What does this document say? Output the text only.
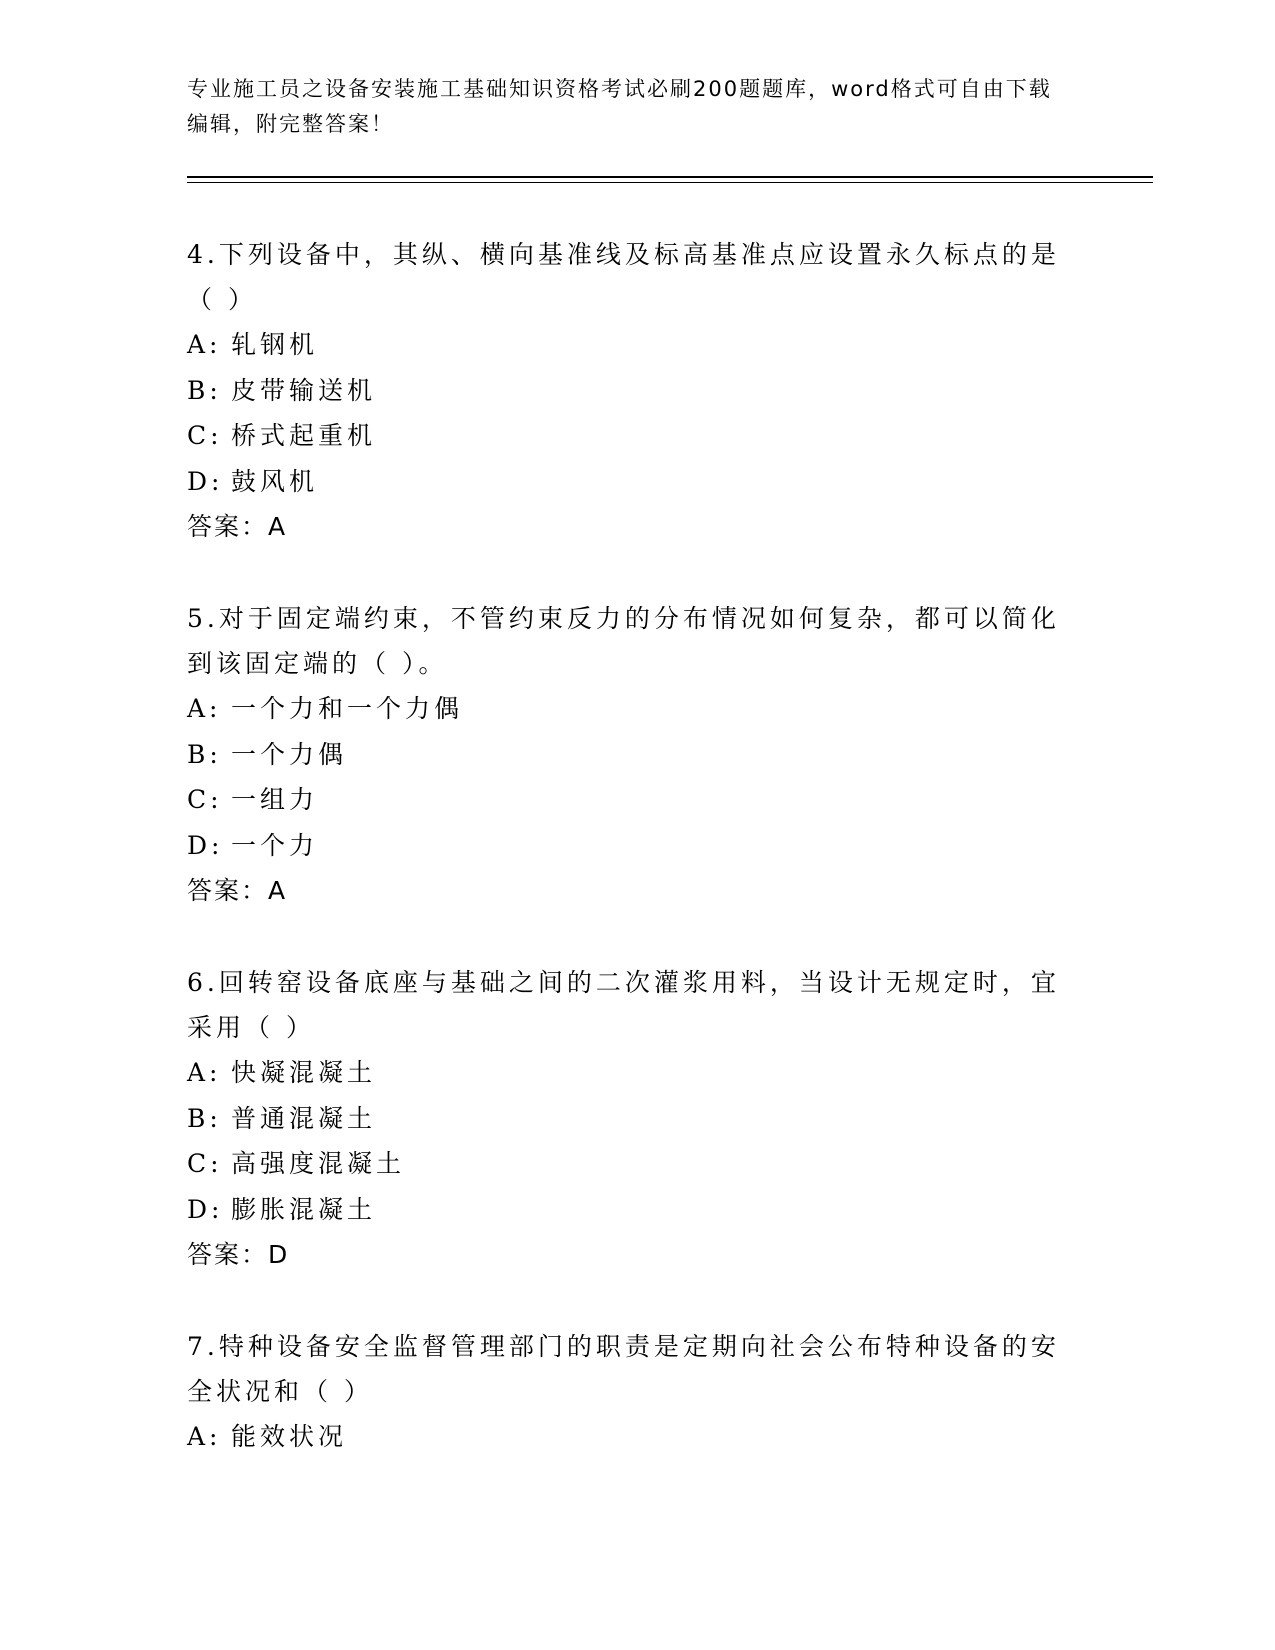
专业施工员之设备安装施工基础知识资格考试必刷200题题库，word格式可自由下载编辑，附完整答案！

4.下列设备中，其纵、横向基准线及标高基准点应设置永久标点的是（ ）

A: 轧钢机

B: 皮带输送机

C: 桥式起重机

D: 鼓风机

答案：A

5.对于固定端约束，不管约束反力的分布情况如何复杂，都可以简化到该固定端的（ ）。

A: 一个力和一个力偶

B: 一个力偶

C: 一组力

D: 一个力

答案：A

6.回转窑设备底座与基础之间的二次灌浆用料，当设计无规定时，宜采用（ ）

A: 快凝混凝土

B: 普通混凝土

C: 高强度混凝土

D: 膨胀混凝土

答案：D

7.特种设备安全监督管理部门的职责是定期向社会公布特种设备的安全状况和（ ）

A: 能效状况
